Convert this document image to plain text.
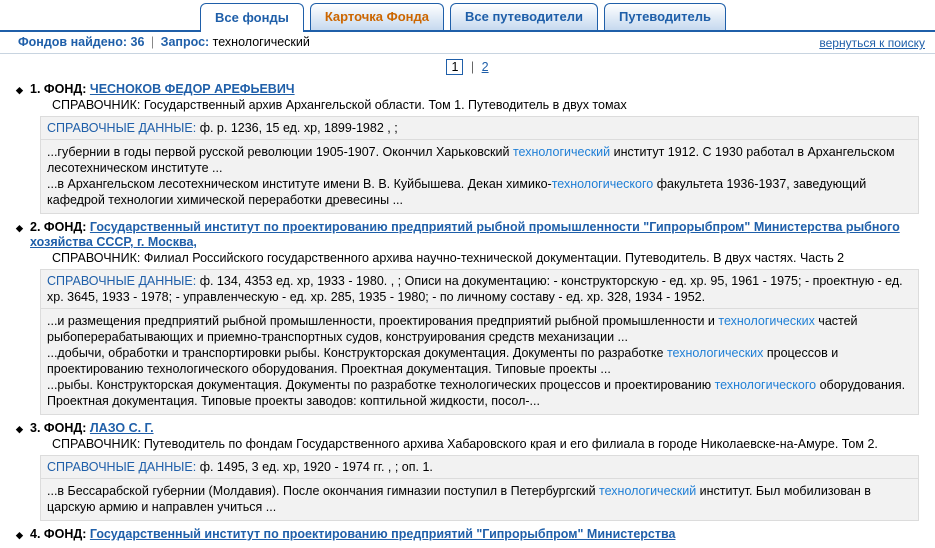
Все фонды	Карточка Фонда	Все путеводители	Путеводитель
Фондов найдено: 36 | Запрос: технологический	вернуться к поиску
1 | 2
◆ 1. ФОНД: ЧЕСНОКОВ ФЕДОР АРЕФЬЕВИЧ
СПРАВОЧНИК: Государственный архив Архангельской области. Том 1. Путеводитель в двух томах
СПРАВОЧНЫЕ ДАННЫЕ: ф. р. 1236, 15 ед. хр, 1899-1982 , ;

...губернии в годы первой русской революции 1905-1907. Окончил Харьковский технологический институт 1912. С 1930 работал в Архангельском лесотехническом институте ...

...в Архангельском лесотехническом институте имени В. В. Куйбышева. Декан химико-технологического факультета 1936-1937, заведующий кафедрой технологии химической переработки древесины ...

◆ 2. ФОНД: Государственный институт по проектированию предприятий рыбной промышленности "Гипрорыбпром" Министерства рыбного хозяйства СССР, г. Москва,
СПРАВОЧНИК: Филиал Российского государственного архива научно-технической документации. Путеводитель. В двух частях. Часть 2
СПРАВОЧНЫЕ ДАННЫЕ: ф. 134, 4353 ед. хр, 1933 - 1980. , ; Описи на документацию: - конструкторскую - ед. хр. 95, 1961 - 1975; - проектную - ед. хр. 3645, 1933 - 1978; - управленческую - ед. хр. 285, 1935 - 1980; - по личному составу - ед. хр. 328, 1934 - 1952.

...и размещения предприятий рыбной промышленности, проектирования предприятий рыбной промышленности и технологических частей рыбоперерабатывающих и приемно-транспортных судов, конструирования средств механизации ...

...добычи, обработки и транспортировки рыбы. Конструкторская документация. Документы по разработке технологических процессов и проектированию технологического оборудования. Проектная документация. Типовые проекты ...

...рыбы. Конструкторская документация. Документы по разработке технологических процессов и проектированию технологического оборудования. Проектная документация. Типовые проекты заводов: коптильной жидкости, посол-...

◆ 3. ФОНД: ЛАЗО С. Г.
СПРАВОЧНИК: Путеводитель по фондам Государственного архива Хабаровского края и его филиала в городе Николаевске-на-Амуре. Том 2.
СПРАВОЧНЫЕ ДАННЫЕ: ф. 1495, 3 ед. хр, 1920 - 1974 гг. , ; оп. 1.

...в Бессарабской губернии (Молдавия). После окончания гимназии поступил в Петербургский технологический институт. Был мобилизован в царскую армию и направлен учиться ...

◆ 4. ФОНД: Государственный институт по проектированию предприятий "Гипрорыбпром" Министерства
